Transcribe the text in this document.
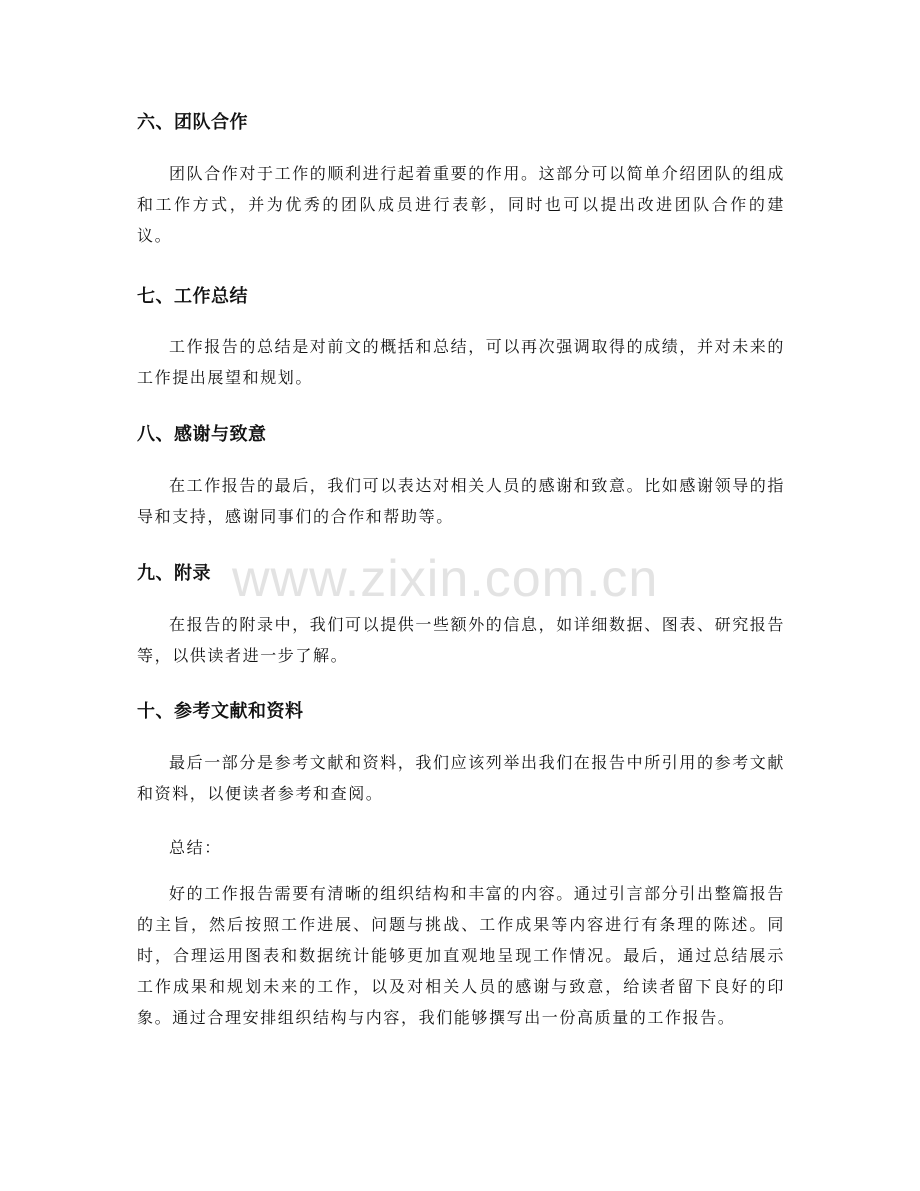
www.zixin.com.cn
六、团队合作
团队合作对于工作的顺利进行起着重要的作用。这部分可以简单介绍团队的组成和工作方式，并为优秀的团队成员进行表彰，同时也可以提出改进团队合作的建议。
七、工作总结
工作报告的总结是对前文的概括和总结，可以再次强调取得的成绩，并对未来的工作提出展望和规划。
八、感谢与致意
在工作报告的最后，我们可以表达对相关人员的感谢和致意。比如感谢领导的指导和支持，感谢同事们的合作和帮助等。
九、附录
在报告的附录中，我们可以提供一些额外的信息，如详细数据、图表、研究报告等，以供读者进一步了解。
十、参考文献和资料
最后一部分是参考文献和资料，我们应该列举出我们在报告中所引用的参考文献和资料，以便读者参考和查阅。
总结：
好的工作报告需要有清晰的组织结构和丰富的内容。通过引言部分引出整篇报告的主旨，然后按照工作进展、问题与挑战、工作成果等内容进行有条理的陈述。同时，合理运用图表和数据统计能够更加直观地呈现工作情况。最后，通过总结展示工作成果和规划未来的工作，以及对相关人员的感谢与致意，给读者留下良好的印象。通过合理安排组织结构与内容，我们能够撰写出一份高质量的工作报告。
